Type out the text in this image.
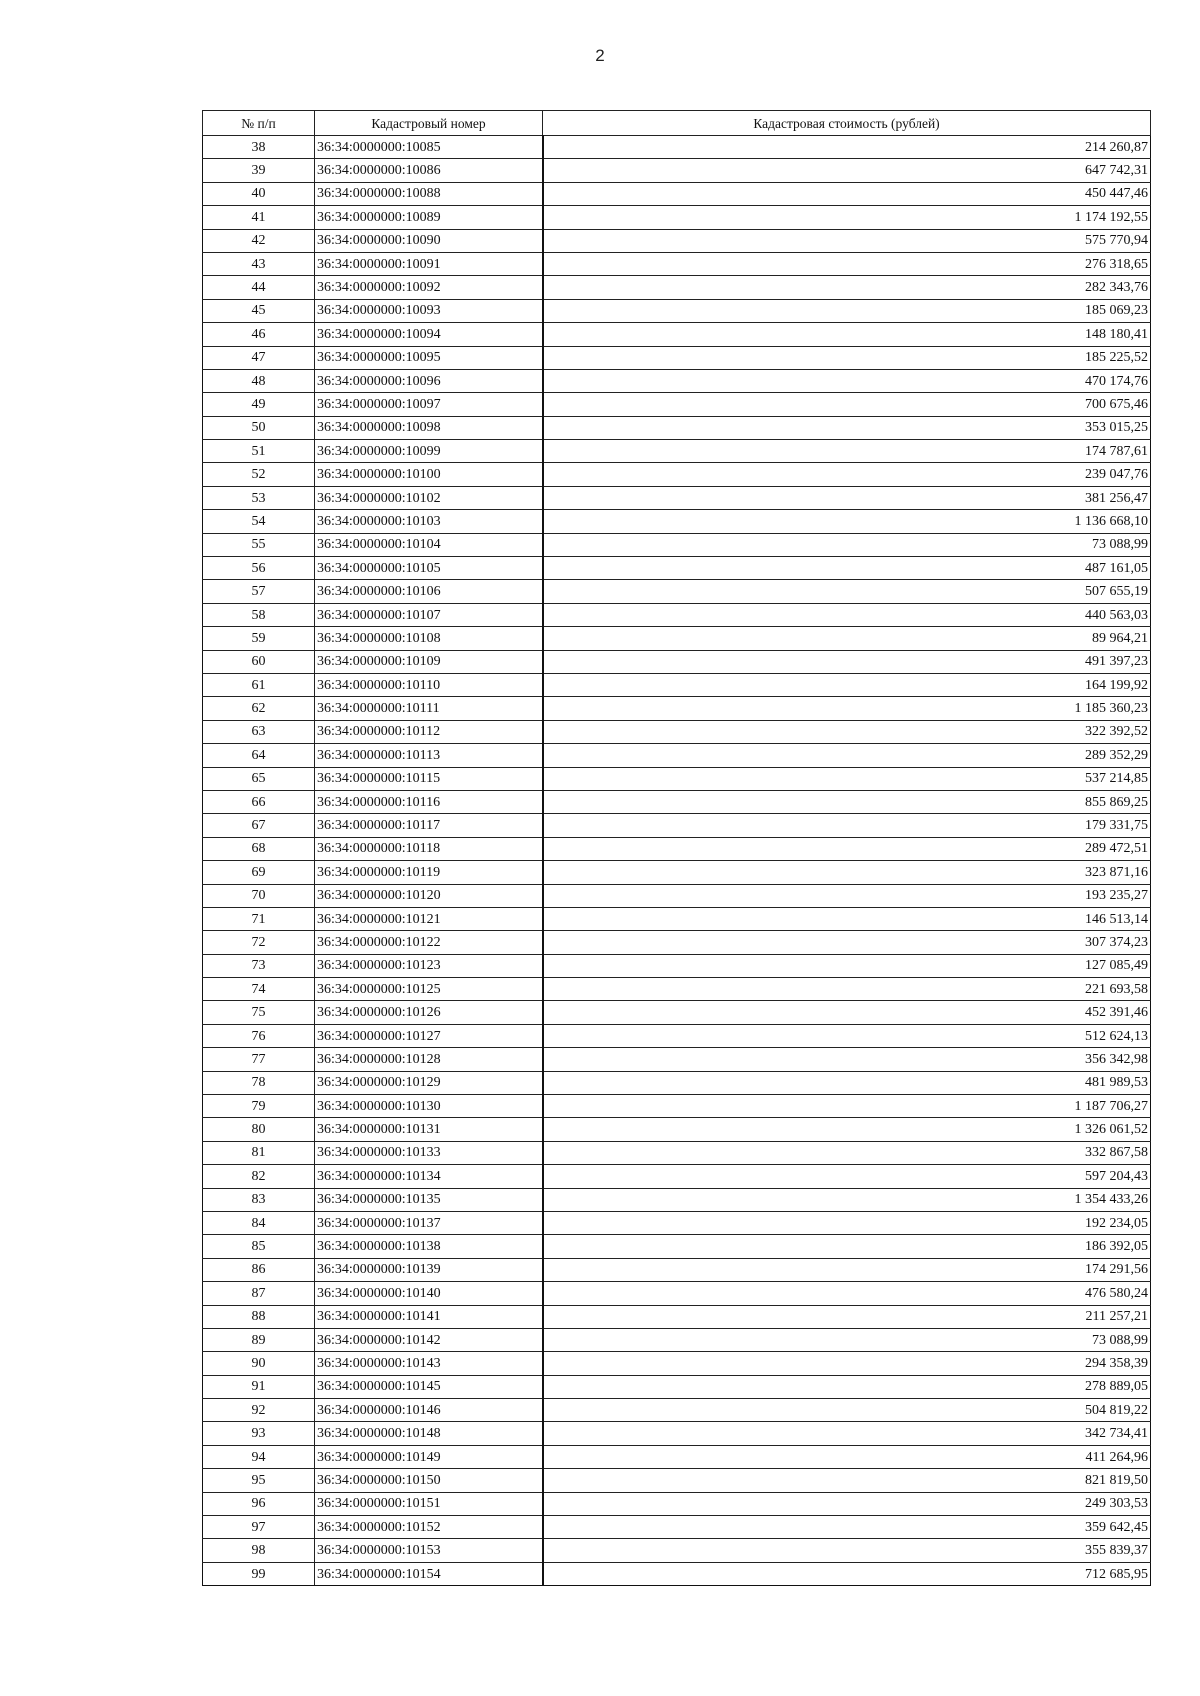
2
№ п/п	Кадастровый номер	Кадастровая стоимость (рублей)
38	36:34:0000000:10085	214 260,87
39	36:34:0000000:10086	647 742,31
40	36:34:0000000:10088	450 447,46
41	36:34:0000000:10089	1 174 192,55
42	36:34:0000000:10090	575 770,94
43	36:34:0000000:10091	276 318,65
44	36:34:0000000:10092	282 343,76
45	36:34:0000000:10093	185 069,23
46	36:34:0000000:10094	148 180,41
47	36:34:0000000:10095	185 225,52
48	36:34:0000000:10096	470 174,76
49	36:34:0000000:10097	700 675,46
50	36:34:0000000:10098	353 015,25
51	36:34:0000000:10099	174 787,61
52	36:34:0000000:10100	239 047,76
53	36:34:0000000:10102	381 256,47
54	36:34:0000000:10103	1 136 668,10
55	36:34:0000000:10104	73 088,99
56	36:34:0000000:10105	487 161,05
57	36:34:0000000:10106	507 655,19
58	36:34:0000000:10107	440 563,03
59	36:34:0000000:10108	89 964,21
60	36:34:0000000:10109	491 397,23
61	36:34:0000000:10110	164 199,92
62	36:34:0000000:10111	1 185 360,23
63	36:34:0000000:10112	322 392,52
64	36:34:0000000:10113	289 352,29
65	36:34:0000000:10115	537 214,85
66	36:34:0000000:10116	855 869,25
67	36:34:0000000:10117	179 331,75
68	36:34:0000000:10118	289 472,51
69	36:34:0000000:10119	323 871,16
70	36:34:0000000:10120	193 235,27
71	36:34:0000000:10121	146 513,14
72	36:34:0000000:10122	307 374,23
73	36:34:0000000:10123	127 085,49
74	36:34:0000000:10125	221 693,58
75	36:34:0000000:10126	452 391,46
76	36:34:0000000:10127	512 624,13
77	36:34:0000000:10128	356 342,98
78	36:34:0000000:10129	481 989,53
79	36:34:0000000:10130	1 187 706,27
80	36:34:0000000:10131	1 326 061,52
81	36:34:0000000:10133	332 867,58
82	36:34:0000000:10134	597 204,43
83	36:34:0000000:10135	1 354 433,26
84	36:34:0000000:10137	192 234,05
85	36:34:0000000:10138	186 392,05
86	36:34:0000000:10139	174 291,56
87	36:34:0000000:10140	476 580,24
88	36:34:0000000:10141	211 257,21
89	36:34:0000000:10142	73 088,99
90	36:34:0000000:10143	294 358,39
91	36:34:0000000:10145	278 889,05
92	36:34:0000000:10146	504 819,22
93	36:34:0000000:10148	342 734,41
94	36:34:0000000:10149	411 264,96
95	36:34:0000000:10150	821 819,50
96	36:34:0000000:10151	249 303,53
97	36:34:0000000:10152	359 642,45
98	36:34:0000000:10153	355 839,37
99	36:34:0000000:10154	712 685,95
